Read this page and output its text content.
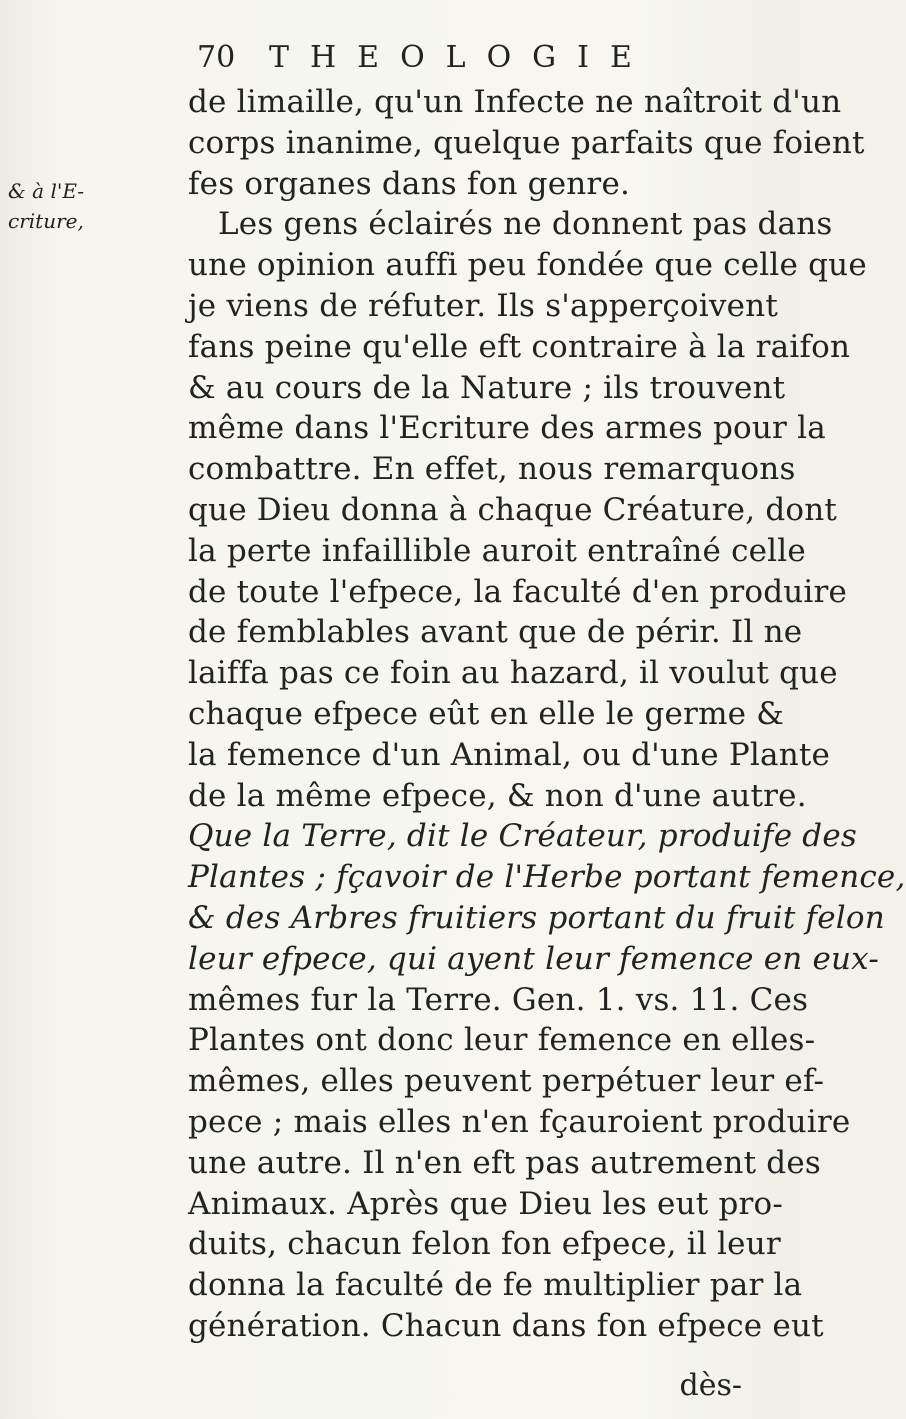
70 THEOLOGIE
& à l'E-
criture,
de limaille, qu'un Infecte ne naîtroit d'un
corps inanime, quelque parfaits que foient
fes organes dans fon genre.
Les gens éclairés ne donnent pas dans
une opinion auffi peu fondée que celle que
je viens de réfuter. Ils s'apperçoivent
fans peine qu'elle eft contraire à la raifon
& au cours de la Nature ; ils trouvent
même dans l'Ecriture des armes pour la
combattre. En effet, nous remarquons
que Dieu donna à chaque Créature, dont
la perte infaillible auroit entraîné celle
de toute l'efpece, la faculté d'en produire
de femblables avant que de périr. Il ne
laiffa pas ce foin au hazard, il voulut que
chaque efpece eût en elle le germe &
la femence d'un Animal, ou d'une Plante
de la même efpece, & non d'une autre.
Que la Terre, dit le Créateur, produife des
Plantes ; fçavoir de l'Herbe portant femence,
& des Arbres fruitiers portant du fruit felon
leur efpece, qui ayent leur femence en eux-
mêmes fur la Terre. Gen. 1. vs. 11. Ces
Plantes ont donc leur femence en elles-
mêmes, elles peuvent perpétuer leur ef-
pece ; mais elles n'en fçauroient produire
une autre. Il n'en eft pas autrement des
Animaux. Après que Dieu les eut pro-
duits, chacun felon fon efpece, il leur
donna la faculté de fe multiplier par la
génération. Chacun dans fon efpece eut
dès-
